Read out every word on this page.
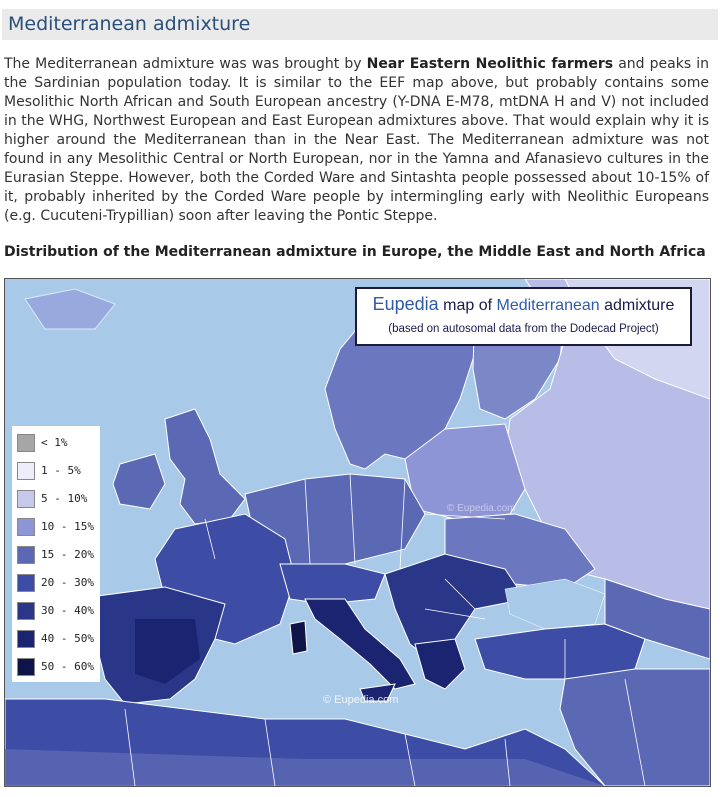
Mediterranean admixture

The Mediterranean admixture was was brought by Near Eastern Neolithic farmers and peaks in the Sardinian population today. It is similar to the EEF map above, but probably contains some Mesolithic North African and South European ancestry (Y-DNA E-M78, mtDNA H and V) not included in the WHG, Northwest European and East European admixtures above. That would explain why it is higher around the Mediterranean than in the Near East. The Mediterranean admixture was not found in any Mesolithic Central or North European, nor in the Yamna and Afanasievo cultures in the Eurasian Steppe. However, both the Corded Ware and Sintashta people possessed about 10-15% of it, probably inherited by the Corded Ware people by intermingling early with Neolithic Europeans (e.g. Cucuteni-Trypillian) soon after leaving the Pontic Steppe.

Distribution of the Mediterranean admixture in Europe, the Middle East and North Africa
Eupedia map of Mediterranean admixture
(based on autosomal data from the Dodecad Project)
< 1%
1 - 5%
5 - 10%
10 - 15%
15 - 20%
20 - 30%
30 - 40%
40 - 50%
50 - 60%
© Eupedia.com
© Eupedia.com
